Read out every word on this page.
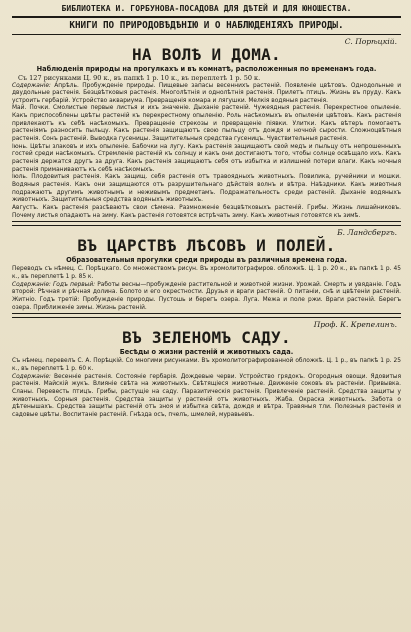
БИБЛИОТЕКА И. ГОРБУНОВА-ПОСАДОВА ДЛЯ ДѢТЕЙ И ДЛЯ ЮНОШЕСТВА.
КНИГИ ПО ПРИРОДОВѢДѢНІЮ И О НАБЛЮДЕНІЯХЪ ПРИРОДЫ.
С. Порѣцкій.
НА ВОЛѢ И ДОМА.
Наблюденія природы на прогулкахъ и въ комнатѣ, расположенныя по временамъ года.
Съ 127 рисунками Ц. 90 к., въ папкѣ 1 р. 10 к., въ переплетѣ 1 р. 50 к.

Содержаніе: Апрѣль. Пробужденіе природы. Пищевые запасы весеннихъ растеній. Появленіе цвѣтовъ. Однодольные и двудольные растенія. Безцвѣтковыя растенія. Многолѣтнія и однолѣтнія растенія. Прилетъ птицъ. Жизнь въ пруду. Какъ устроить гербарій. Устройство аквариума. Превращенія комара и лягушки. Мелкія водяныя растенія.

Май. Почки. Смолистые первые листья и ихъ значеніе. Дыханіе растеній. Чужеядныя растенія. Перекрестное опыленіе. Какъ приспособлены цвѣты растеній къ перекрестному опыленію. Роль насѣкомыхъ въ опыленіи цвѣтовъ. Какъ растенія привлекаютъ къ себѣ насѣкомыхъ. Превращеніе стрекозы и превращеніе піявки. Улитки. Какъ вѣтеръ помогаетъ растеніямъ разносить пыльцу. Какъ растенія защищаютъ свою пыльцу отъ дождя и ночной сырости. Сложноцвѣтныя растенія. Сонъ растеній. Выводка гусеницы. Защитительныя средства гусеницъ. Чувствительныя растенія.

Іюнь. Цвѣты злаковъ и ихъ опыленіе. Бабочки на лугу. Какъ растенія защищаютъ свой медъ и пыльцу отъ непрошенныхъ гостей среди насѣкомыхъ. Стремленіе растеній къ солнцу и какъ они достигаютъ того, чтобы солнце освѣщало ихъ. Какъ растенія держатся другъ за друга. Какъ растенія защищаютъ себя отъ избытка и излишней потери влаги. Какъ ночныя растенія приманиваютъ къ себѣ насѣкомыхъ.

Іюль. Плодовитыя растенія. Какъ защищ. себя растенія отъ травоядныхъ животныхъ. Повилика, ручейники и мошки. Водяныя растенія. Какъ они защищаются отъ разрушительнаго дѣйствія волнъ и вѣтра. Наѣздники. Какъ животныя подражаютъ другимъ животнымъ и неживымъ предметамъ. Подражательность среди растеній. Дыханіе водяныхъ животныхъ. Защитительныя средства водяныхъ животныхъ.

Августъ. Какъ растенія разсѣваютъ свои сѣмена. Размноженіе безцвѣтковыхъ растеній. Грибы. Жизнь лишайниковъ. Почему листья опадаютъ на зиму. Какъ растенія готовятся встрѣчать зиму. Какъ животныя готовятся къ зимѣ.

Б. Ландсбергъ.
ВЪ ЦАРСТВѢ ЛѢСОВЪ И ПОЛЕЙ.
Образовательныя прогулки среди природы въ различныя времена года.

Переводъ съ нѣмец. С. Порѣцкаго. Со множествомъ рисун. Въ хромолитографиров. обложкѣ. Ц. 1 р. 20 к., въ папкѣ 1 р. 45 к., въ переплетѣ 1 р. 85 к.

Содержаніе: Годъ первый: Работы весны—пробужденіе растительной и животной жизни. Урожай. Смерть и увяданіе. Годъ второй: Рѣчная и рѣчная долина. Болото и его окрестности. Друзья и враги растеній. О питаніи, снѣ и цвѣтеніи растеній. Житніо. Годъ третій: Пробужденіе природы. Пустошь и берегъ озера. Луга. Межа и поле ржи. Враги растеній. Берегъ озера. Приближеніе зимы. Жизнь растеній.

Проф. К. Крепелинъ.
ВЪ ЗЕЛЕНОМЪ САДУ.
Бесѣды о жизни растеній и животныхъ сада.

Съ нѣмец. перевелъ С. А. Порѣцкій. Со многими рисунками. Въ хромолитографированной обложкѣ. Ц. 1 р., въ папкѣ 1 р. 25 к., въ переплетѣ 1 р. 60 к.

Содержаніе: Весенніе растенія. Состояніе гербарія. Дождевые черви. Устройство грядокъ. Огородныя овощи. Ядовитыя растенія. Майскій жукъ. Влияніе свѣта на животныхъ. Свѣтящіеся животные. Движеніе соковъ въ растеніи. Привывка. Сланы. Перевесть птицъ. Грибы, растущіе на саду. Паразитическія растенія. Привлеченіе растеній. Средства защиты у животныхъ. Сорныя растенія. Средства защиты у растеній отъ животныхъ. Жаба. Окраска животныхъ. Забота о дѣтенышахъ. Средства защиты растеній отъ зноя и избытка свѣта, дождя и вѣтра. Травяныя тли. Полезныя растенія и садовые цвѣты. Воспитаніе растеній. Гнѣзда осъ, пчелъ, шмелей, муравьевъ.
